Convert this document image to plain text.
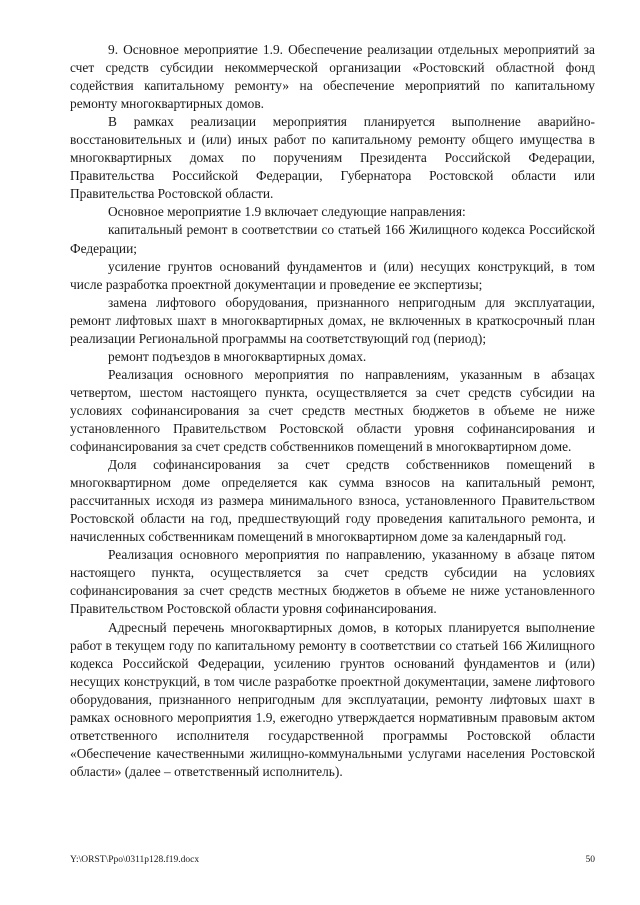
9. Основное мероприятие 1.9. Обеспечение реализации отдельных мероприятий за счет средств субсидии некоммерческой организации «Ростовский областной фонд содействия капитальному ремонту» на обеспечение мероприятий по капитальному ремонту многоквартирных домов.

В рамках реализации мероприятия планируется выполнение аварийно-восстановительных и (или) иных работ по капитальному ремонту общего имущества в многоквартирных домах по поручениям Президента Российской Федерации, Правительства Российской Федерации, Губернатора Ростовской области или Правительства Ростовской области.

Основное мероприятие 1.9 включает следующие направления:

капитальный ремонт в соответствии со статьей 166 Жилищного кодекса Российской Федерации;

усиление грунтов оснований фундаментов и (или) несущих конструкций, в том числе разработка проектной документации и проведение ее экспертизы;

замена лифтового оборудования, признанного непригодным для эксплуатации, ремонт лифтовых шахт в многоквартирных домах, не включенных в краткосрочный план реализации Региональной программы на соответствующий год (период);

ремонт подъездов в многоквартирных домах.

Реализация основного мероприятия по направлениям, указанным в абзацах четвертом, шестом настоящего пункта, осуществляется за счет средств субсидии на условиях софинансирования за счет средств местных бюджетов в объеме не ниже установленного Правительством Ростовской области уровня софинансирования и софинансирования за счет средств собственников помещений в многоквартирном доме.

Доля софинансирования за счет средств собственников помещений в многоквартирном доме определяется как сумма взносов на капитальный ремонт, рассчитанных исходя из размера минимального взноса, установленного Правительством Ростовской области на год, предшествующий году проведения капитального ремонта, и начисленных собственникам помещений в многоквартирном доме за календарный год.

Реализация основного мероприятия по направлению, указанному в абзаце пятом настоящего пункта, осуществляется за счет средств субсидии на условиях софинансирования за счет средств местных бюджетов в объеме не ниже установленного Правительством Ростовской области уровня софинансирования.

Адресный перечень многоквартирных домов, в которых планируется выполнение работ в текущем году по капитальному ремонту в соответствии со статьей 166 Жилищного кодекса Российской Федерации, усилению грунтов оснований фундаментов и (или) несущих конструкций, в том числе разработке проектной документации, замене лифтового оборудования, признанного непригодным для эксплуатации, ремонту лифтовых шахт в рамках основного мероприятия 1.9, ежегодно утверждается нормативным правовым актом ответственного исполнителя государственной программы Ростовской области «Обеспечение качественными жилищно-коммунальными услугами населения Ростовской области» (далее – ответственный исполнитель).

Y:\ORST\Ppo\0311p128.f19.docx	50
